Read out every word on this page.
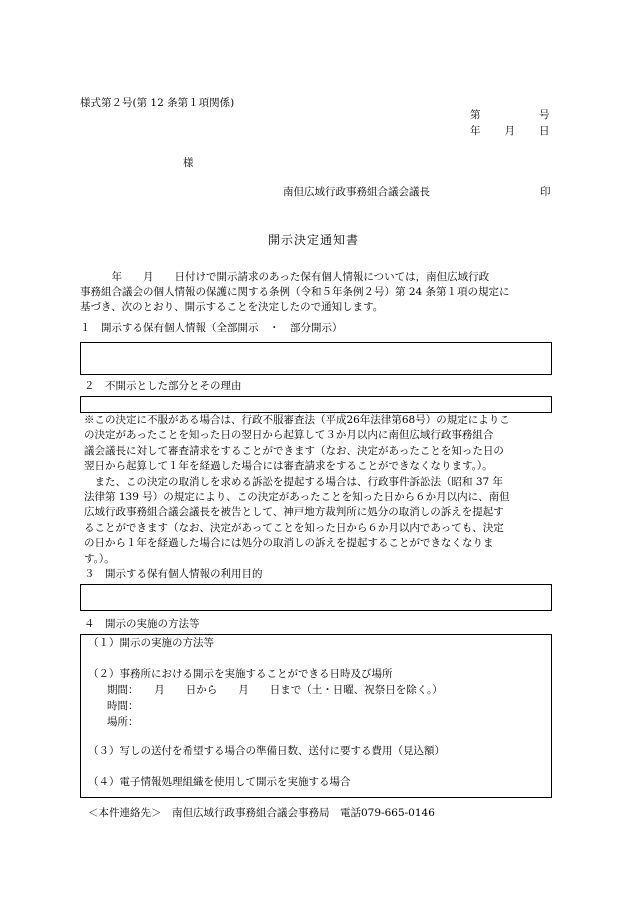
様式第２号(第 12 条第１項関係)
第　　　　　号
年　　月　　日
様
南但広域行政事務組合議会議長	印
開示決定通知書
　　　年　　月　　日付けで開示請求のあった保有個人情報については，南但広域行政
事務組合議会の個人情報の保護に関する条例（令和５年条例２号）第 24 条第１項の規定に
基づき、次のとおり、開示することを決定したので通知します。
１　開示する保有個人情報（全部開示　・　部分開示）
２　不開示とした部分とその理由
※この決定に不服がある場合は、行政不服審査法（平成26年法律第68号）の規定によりこ
の決定があったことを知った日の翌日から起算して３か月以内に南但広域行政事務組合
議会議長に対して審査請求をすることができます（なお、決定があったことを知った日の
翌日から起算して１年を経過した場合には審査請求をすることができなくなります。）。
　また、この決定の取消しを求める訴訟を提起する場合は、行政事件訴訟法（昭和 37 年
法律第 139 号）の規定により、この決定があったことを知った日から６か月以内に、南但
広域行政事務組合議会議長を被告として、神戸地方裁判所に処分の取消しの訴えを提起す
ることができます（なお、決定があってことを知った日から６か月以内であっても、決定
の日から１年を経過した場合には処分の取消しの訴えを提起することができなくなりま
す。）。
３　開示する保有個人情報の利用目的
４　開示の実施の方法等
（１）開示の実施の方法等
（２）事務所における開示を実施することができる日時及び場所
期間：　　月　　日から　　月　　日まで（土・日曜、祝祭日を除く。）
時間：
場所：
（３）写しの送付を希望する場合の準備日数、送付に要する費用（見込額）
（４）電子情報処理組織を使用して開示を実施する場合
＜本件連絡先＞　南但広域行政事務組合議会事務局　電話079-665-0146
